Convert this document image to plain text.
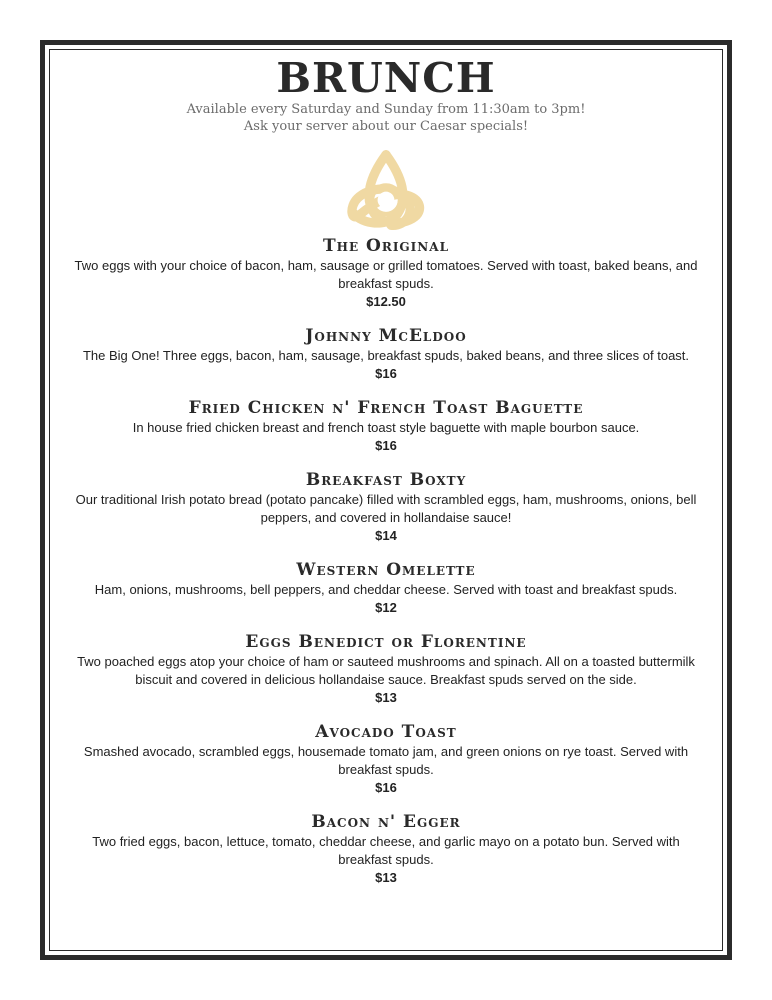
BRUNCH
Available every Saturday and Sunday from 11:30am to 3pm!
Ask your server about our Caesar specials!
The Original
Two eggs with your choice of bacon, ham, sausage or grilled tomatoes. Served with toast, baked beans, and breakfast spuds.
$12.50
Johnny McEldoo
The Big One! Three eggs, bacon, ham, sausage, breakfast spuds, baked beans, and three slices of toast.
$16
Fried Chicken n' French Toast Baguette
In house fried chicken breast and french toast style baguette with maple bourbon sauce.
$16
Breakfast Boxty
Our traditional Irish potato bread (potato pancake) filled with scrambled eggs, ham, mushrooms, onions, bell peppers, and covered in hollandaise sauce!
$14
Western Omelette
Ham, onions, mushrooms, bell peppers, and cheddar cheese. Served with toast and breakfast spuds.
$12
Eggs Benedict or Florentine
Two poached eggs atop your choice of ham or sauteed mushrooms and spinach. All on a toasted buttermilk biscuit and covered in delicious hollandaise sauce. Breakfast spuds served on the side.
$13
Avocado Toast
Smashed avocado, scrambled eggs, housemade tomato jam, and green onions on rye toast. Served with breakfast spuds.
$16
Bacon n' Egger
Two fried eggs, bacon, lettuce, tomato, cheddar cheese, and garlic mayo on a potato bun. Served with breakfast spuds.
$13
